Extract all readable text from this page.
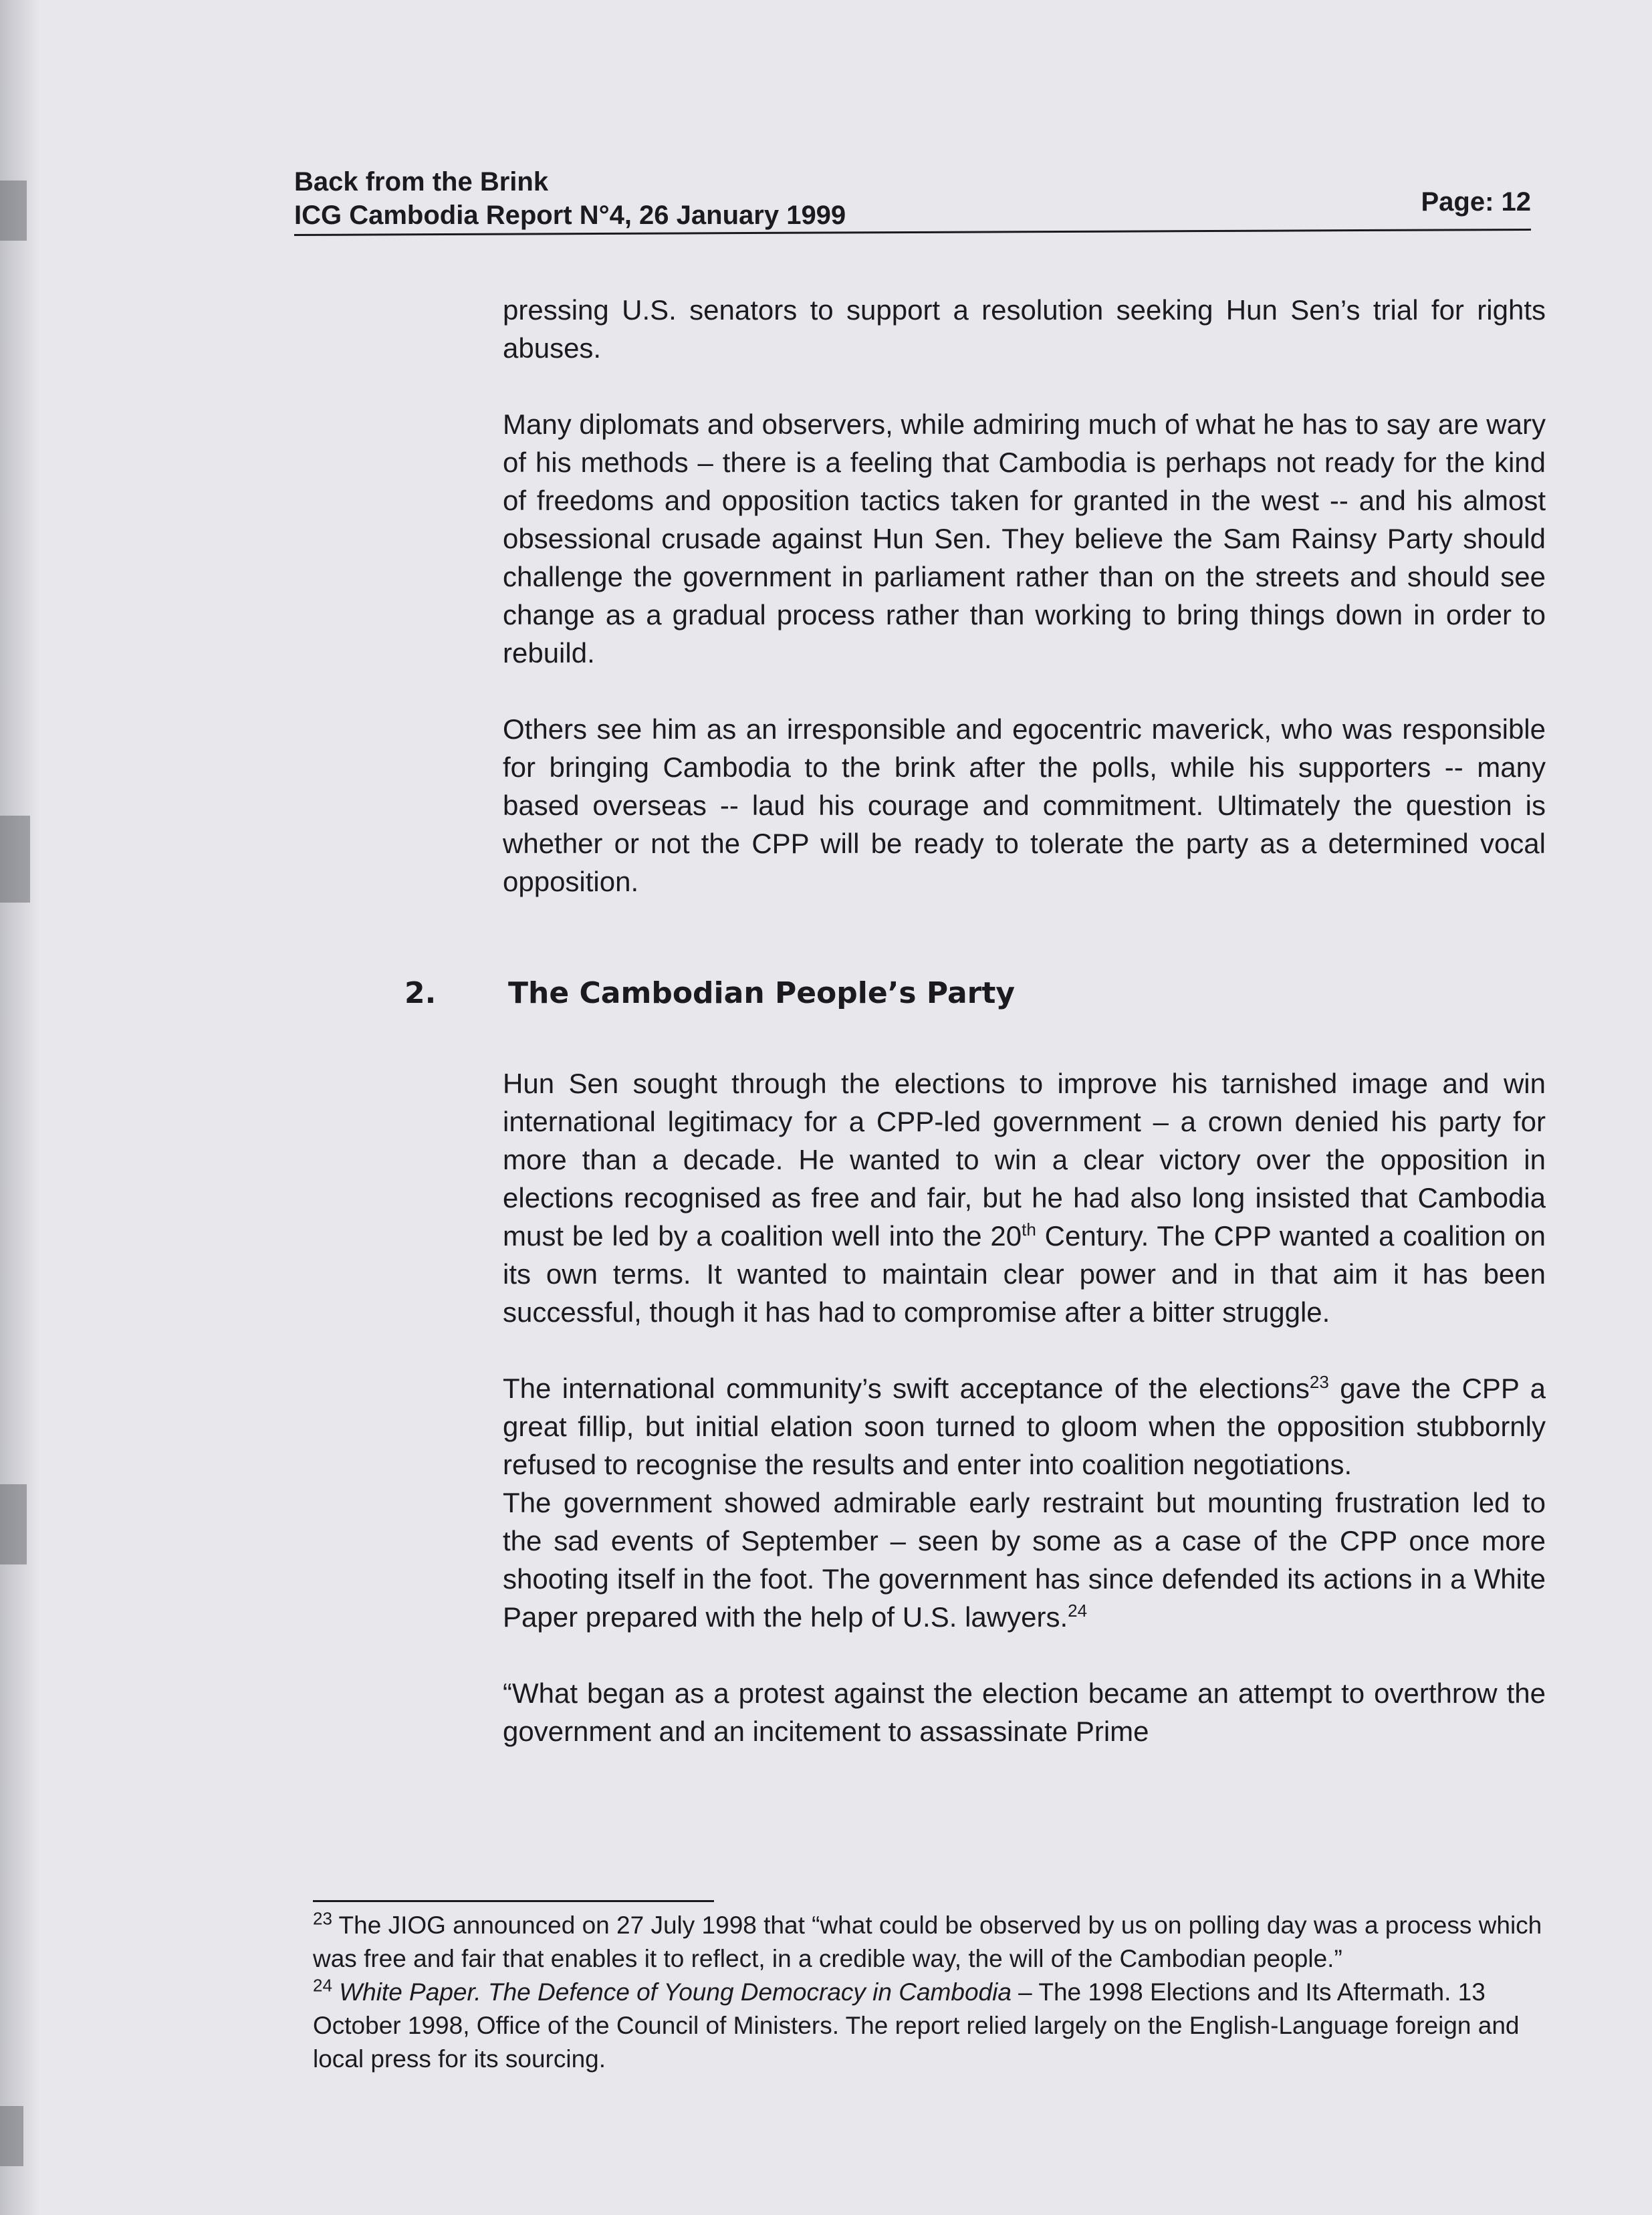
Back from the Brink
ICG Cambodia Report N°4, 26 January 1999	Page: 12

pressing U.S. senators to support a resolution seeking Hun Sen’s trial for rights abuses.

Many diplomats and observers, while admiring much of what he has to say are wary of his methods – there is a feeling that Cambodia is perhaps not ready for the kind of freedoms and opposition tactics taken for granted in the west -- and his almost obsessional crusade against Hun Sen. They believe the Sam Rainsy Party should challenge the government in parliament rather than on the streets and should see change as a gradual process rather than working to bring things down in order to rebuild.

Others see him as an irresponsible and egocentric maverick, who was responsible for bringing Cambodia to the brink after the polls, while his supporters -- many based overseas -- laud his courage and commitment. Ultimately the question is whether or not the CPP will be ready to tolerate the party as a determined vocal opposition.

2. The Cambodian People’s Party

Hun Sen sought through the elections to improve his tarnished image and win international legitimacy for a CPP-led government – a crown denied his party for more than a decade. He wanted to win a clear victory over the opposition in elections recognised as free and fair, but he had also long insisted that Cambodia must be led by a coalition well into the 20th Century. The CPP wanted a coalition on its own terms. It wanted to maintain clear power and in that aim it has been successful, though it has had to compromise after a bitter struggle.

The international community’s swift acceptance of the elections$^{23}$ gave the CPP a great fillip, but initial elation soon turned to gloom when the opposition stubbornly refused to recognise the results and enter into coalition negotiations.

The government showed admirable early restraint but mounting frustration led to the sad events of September – seen by some as a case of the CPP once more shooting itself in the foot. The government has since defended its actions in a White Paper prepared with the help of U.S. lawyers.$^{24}$

“What began as a protest against the election became an attempt to overthrow the government and an incitement to assassinate Prime

$^{23}$ The JIOG announced on 27 July 1998 that “what could be observed by us on polling day was a process which was free and fair that enables it to reflect, in a credible way, the will of the Cambodian people.”

$^{24}$ White Paper. The Defence of Young Democracy in Cambodia – The 1998 Elections and Its Aftermath. 13 October 1998, Office of the Council of Ministers. The report relied largely on the English-Language foreign and local press for its sourcing.
